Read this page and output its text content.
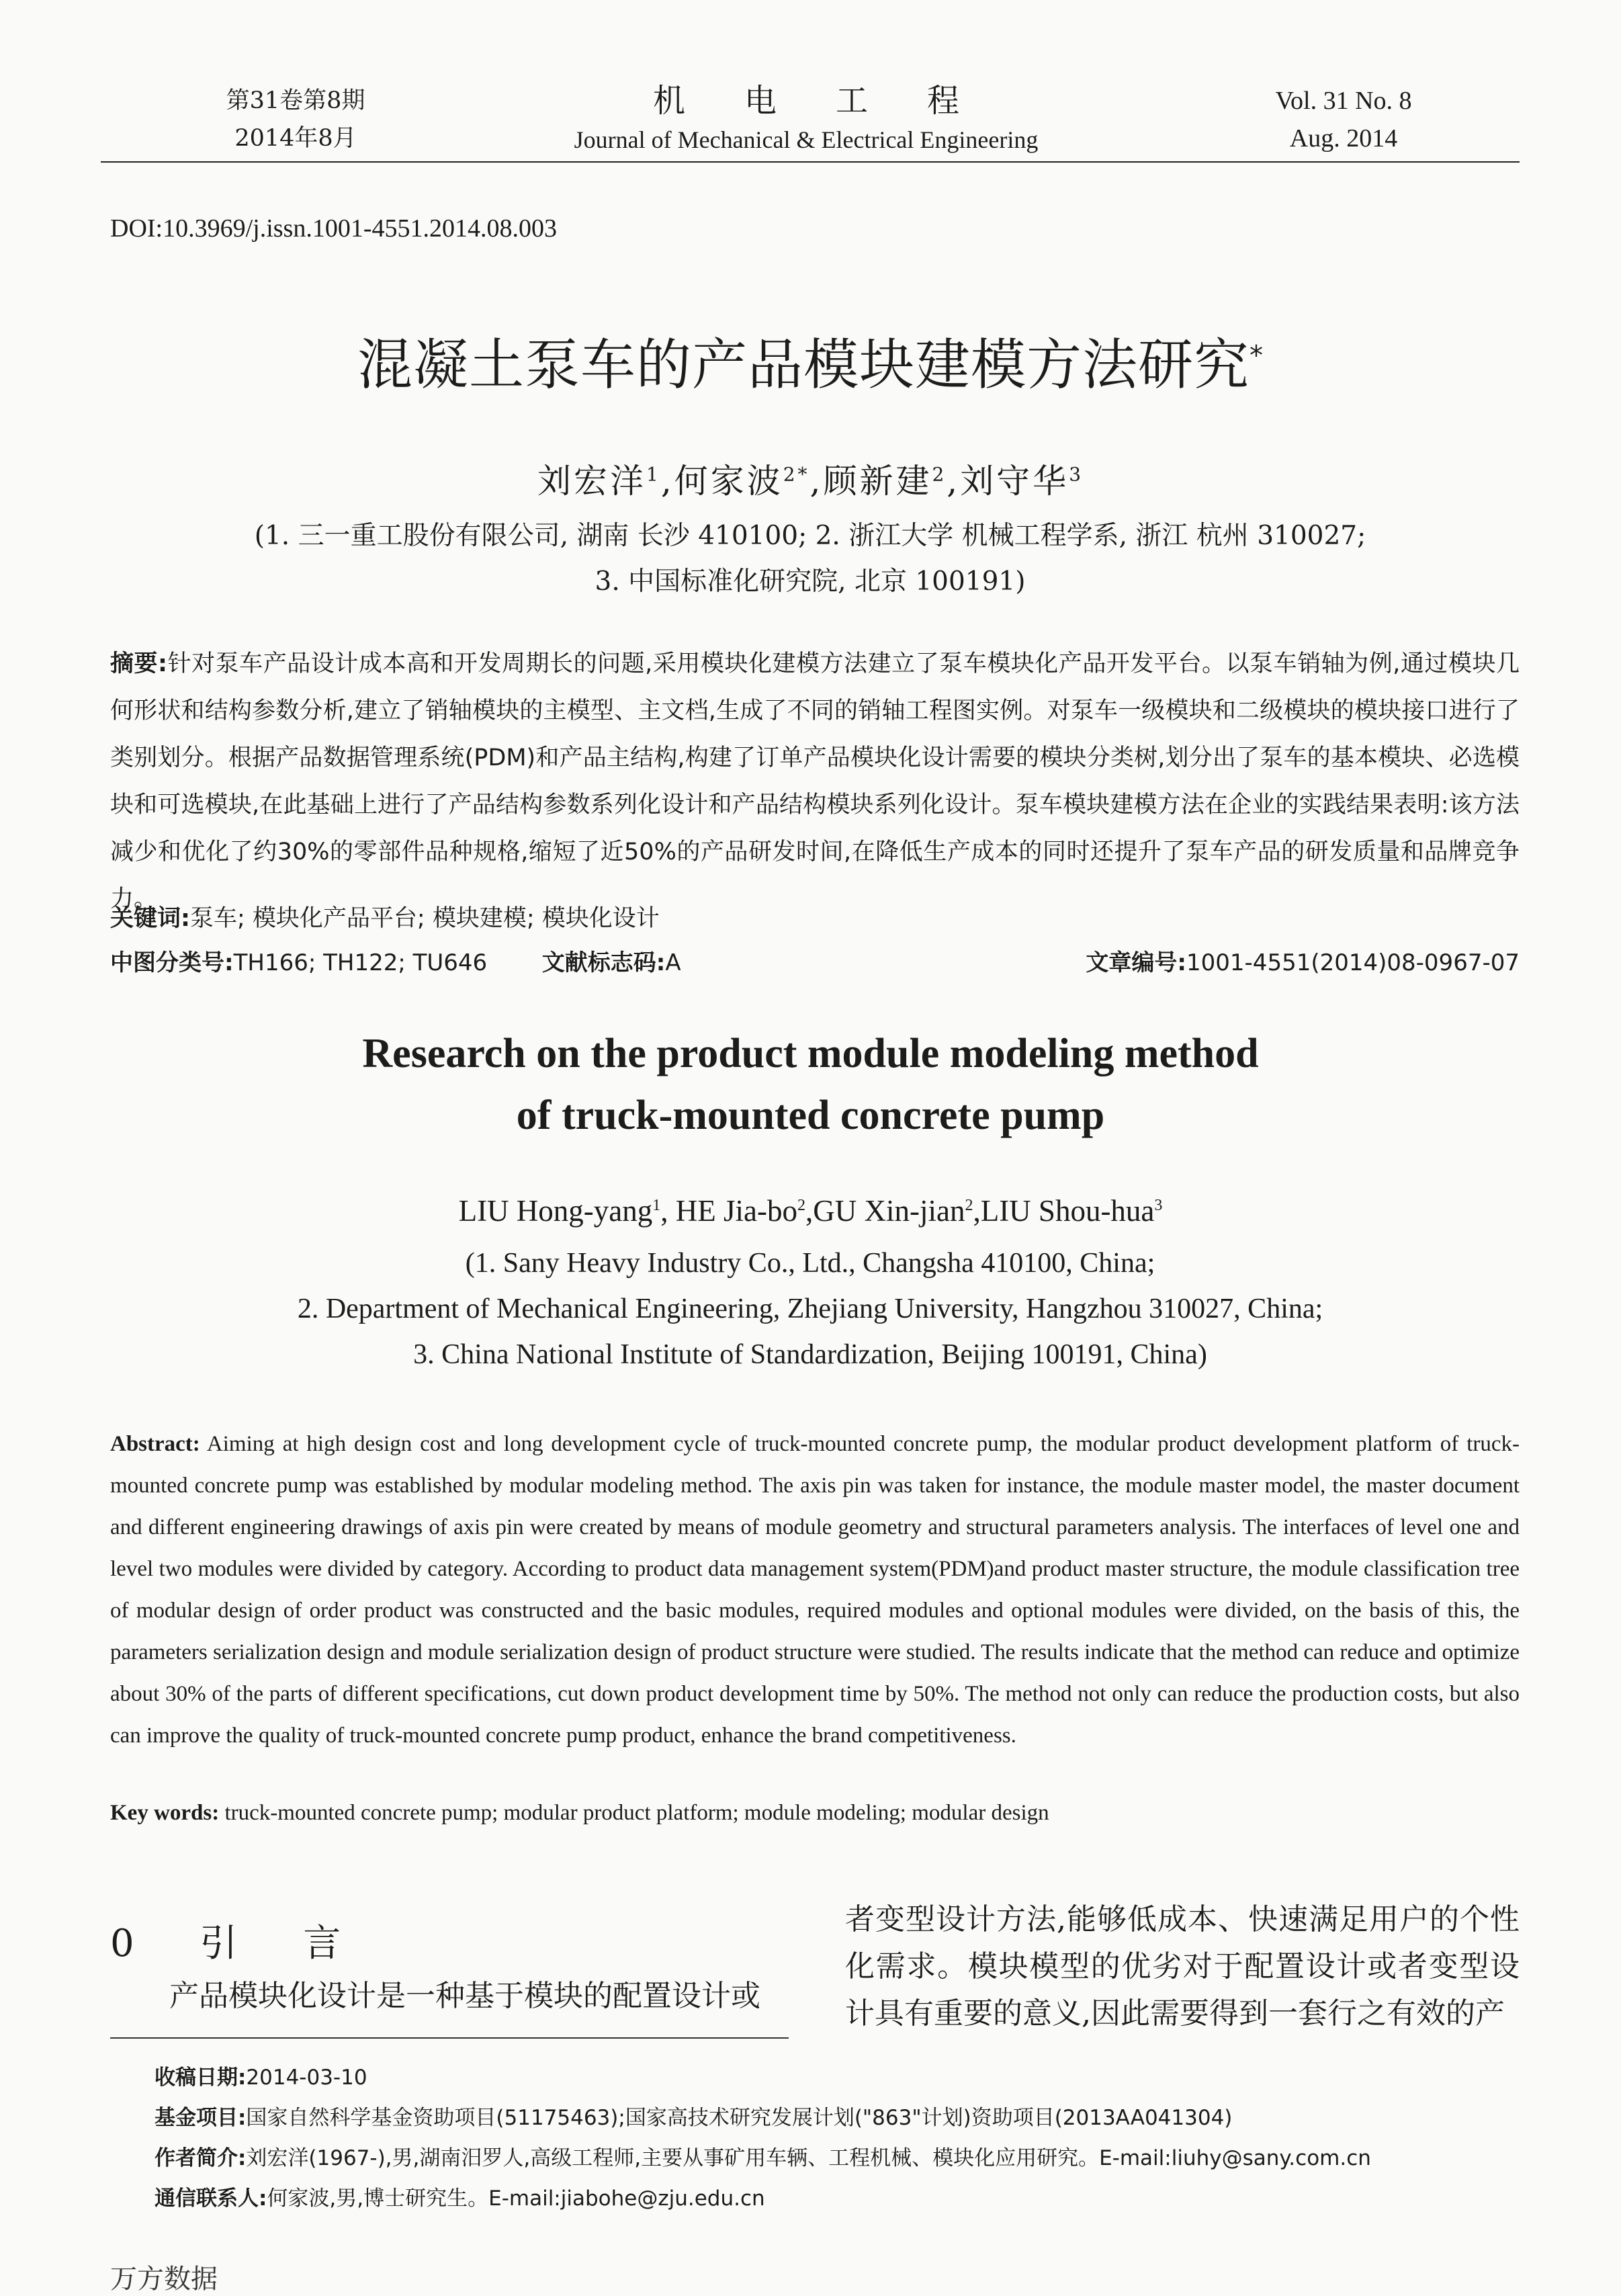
第31卷第8期
2014年8月
机电工程
Journal of Mechanical & Electrical Engineering
Vol. 31 No. 8
Aug. 2014
DOI:10.3969/j.issn.1001-4551.2014.08.003
混凝土泵车的产品模块建模方法研究*
刘宏洋$^1$,何家波$^{2*}$,顾新建$^2$,刘守华$^3$
(1. 三一重工股份有限公司, 湖南 长沙 410100; 2. 浙江大学 机械工程学系, 浙江 杭州 310027;
3. 中国标准化研究院, 北京 100191)
摘要:针对泵车产品设计成本高和开发周期长的问题,采用模块化建模方法建立了泵车模块化产品开发平台。以泵车销轴为例,通过模块几何形状和结构参数分析,建立了销轴模块的主模型、主文档,生成了不同的销轴工程图实例。对泵车一级模块和二级模块的模块接口进行了类别划分。根据产品数据管理系统(PDM)和产品主结构,构建了订单产品模块化设计需要的模块分类树,划分出了泵车的基本模块、必选模块和可选模块,在此基础上进行了产品结构参数系列化设计和产品结构模块系列化设计。泵车模块建模方法在企业的实践结果表明:该方法减少和优化了约30%的零部件品种规格,缩短了近50%的产品研发时间,在降低生产成本的同时还提升了泵车产品的研发质量和品牌竞争力。
关键词:泵车; 模块化产品平台; 模块建模; 模块化设计
中图分类号:TH166; TH122; TU646 文献标志码:A	文章编号:1001-4551(2014)08-0967-07
Research on the product module modeling method
of truck-mounted concrete pump
LIU Hong-yang$^1$, HE Jia-$bo^2,GU$ Xin-jian$^2$,LIU Shou-hua$^3$
(1. Sany Heavy Industry Co., Ltd., Changsha 410100, China;
2. Department of Mechanical Engineering, Zhejiang University, Hangzhou 310027, China;
3. China National Institute of Standardization, Beijing 100191, China)
Abstract: Aiming at high design cost and long development cycle of truck-mounted concrete pump, the modular product development platform of truck-mounted concrete pump was established by modular modeling method. The axis pin was taken for instance, the module master model, the master document and different engineering drawings of axis pin were created by means of module geometry and structural parameters analysis. The interfaces of level one and level two modules were divided by category. According to product data management system(PDM)and product master structure, the module classification tree of modular design of order product was constructed and the basic modules, required modules and optional modules were divided, on the basis of this, the parameters serialization design and module serialization design of product structure were studied. The results indicate that the method can reduce and optimize about 30% of the parts of different specifications, cut down product development time by 50%. The method not only can reduce the production costs, but also can improve the quality of truck-mounted concrete pump product, enhance the brand competitiveness.
Key words: truck-mounted concrete pump; modular product platform; module modeling; modular design
0 引 言
产品模块化设计是一种基于模块的配置设计或
者变型设计方法,能够低成本、快速满足用户的个性化需求。模块模型的优劣对于配置设计或者变型设计具有重要的意义,因此需要得到一套行之有效的产
收稿日期:2014-03-10
基金项目:国家自然科学基金资助项目(51175463);国家高技术研究发展计划("863"计划)资助项目(2013AA041304)
作者简介:刘宏洋(1967-),男,湖南汨罗人,高级工程师,主要从事矿用车辆、工程机械、模块化应用研究。E-mail:liuhy@sany.com.cn
通信联系人:何家波,男,博士研究生。E-mail:jiabohe@zju.edu.cn
万方数据
